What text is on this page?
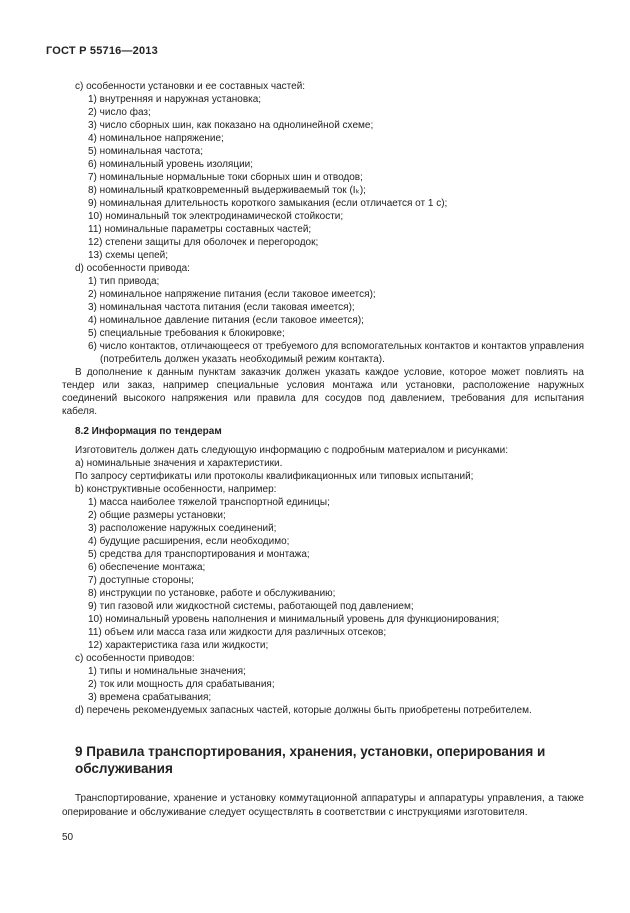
ГОСТ Р 55716—2013
c) особенности установки и ее составных частей:
1) внутренняя и наружная установка;
2) число фаз;
3) число сборных шин, как показано на однолинейной схеме;
4) номинальное напряжение;
5) номинальная частота;
6) номинальный уровень изоляции;
7) номинальные нормальные токи сборных шин и отводов;
8) номинальный кратковременный выдерживаемый ток (Iₖ);
9) номинальная длительность короткого замыкания (если отличается от 1 с);
10) номинальный ток электродинамической стойкости;
11) номинальные параметры составных частей;
12) степени защиты для оболочек и перегородок;
13) схемы цепей;
d) особенности привода:
1) тип привода;
2) номинальное напряжение питания (если таковое имеется);
3) номинальная частота питания (если таковая имеется);
4) номинальное давление питания (если таковое имеется);
5) специальные требования к блокировке;
6) число контактов, отличающееся от требуемого для вспомогательных контактов и контактов управления (потребитель должен указать необходимый режим контакта).
В дополнение к данным пунктам заказчик должен указать каждое условие, которое может повлиять на тендер или заказ, например специальные условия монтажа или установки, расположение наружных соединений высокого напряжения или правила для сосудов под давлением, требования для испытания кабеля.
8.2 Информация по тендерам
Изготовитель должен дать следующую информацию с подробным материалом и рисунками:
a) номинальные значения и характеристики.
По запросу сертификаты или протоколы квалификационных или типовых испытаний;
b) конструктивные особенности, например:
1) масса наиболее тяжелой транспортной единицы;
2) общие размеры установки;
3) расположение наружных соединений;
4) будущие расширения, если необходимо;
5) средства для транспортирования и монтажа;
6) обеспечение монтажа;
7) доступные стороны;
8) инструкции по установке, работе и обслуживанию;
9) тип газовой или жидкостной системы, работающей под давлением;
10) номинальный уровень наполнения и минимальный уровень для функционирования;
11) объем или масса газа или жидкости для различных отсеков;
12) характеристика газа или жидкости;
c) особенности приводов:
1) типы и номинальные значения;
2) ток или мощность для срабатывания;
3) времена срабатывания;
d) перечень рекомендуемых запасных частей, которые должны быть приобретены потребителем.
9 Правила транспортирования, хранения, установки, оперирования и обслуживания
Транспортирование, хранение и установку коммутационной аппаратуры и аппаратуры управления, а также оперирование и обслуживание следует осуществлять в соответствии с инструкциями изготовителя.
50
